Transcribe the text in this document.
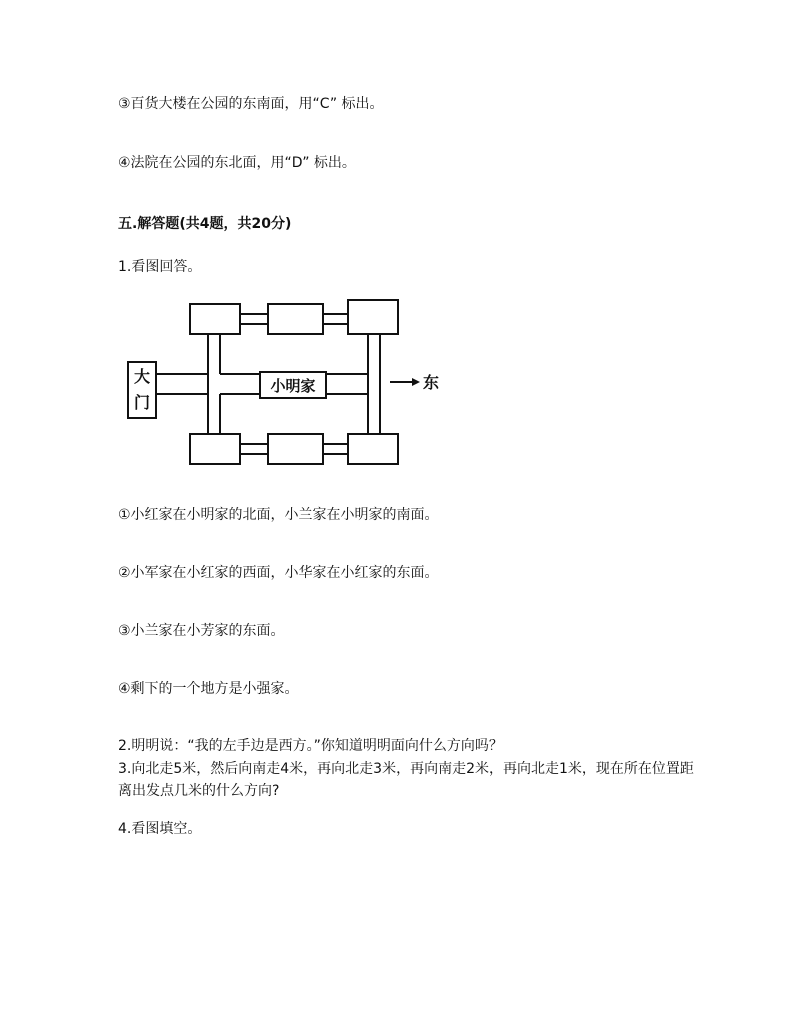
③百货大楼在公园的东南面，用“C” 标出。
④法院在公园的东北面，用“D” 标出。
五.解答题(共4题，共20分)
1.看图回答。
大
门
小明家	东
①小红家在小明家的北面，小兰家在小明家的南面。
②小军家在小红家的西面，小华家在小红家的东面。
③小兰家在小芳家的东面。
④剩下的一个地方是小强家。
2.明明说：“我的左手边是西方。”你知道明明面向什么方向吗？
3.向北走5米，然后向南走4米，再向北走3米，再向南走2米，再向北走1米，现在所在位置距离出发点几米的什么方向?
4.看图填空。
